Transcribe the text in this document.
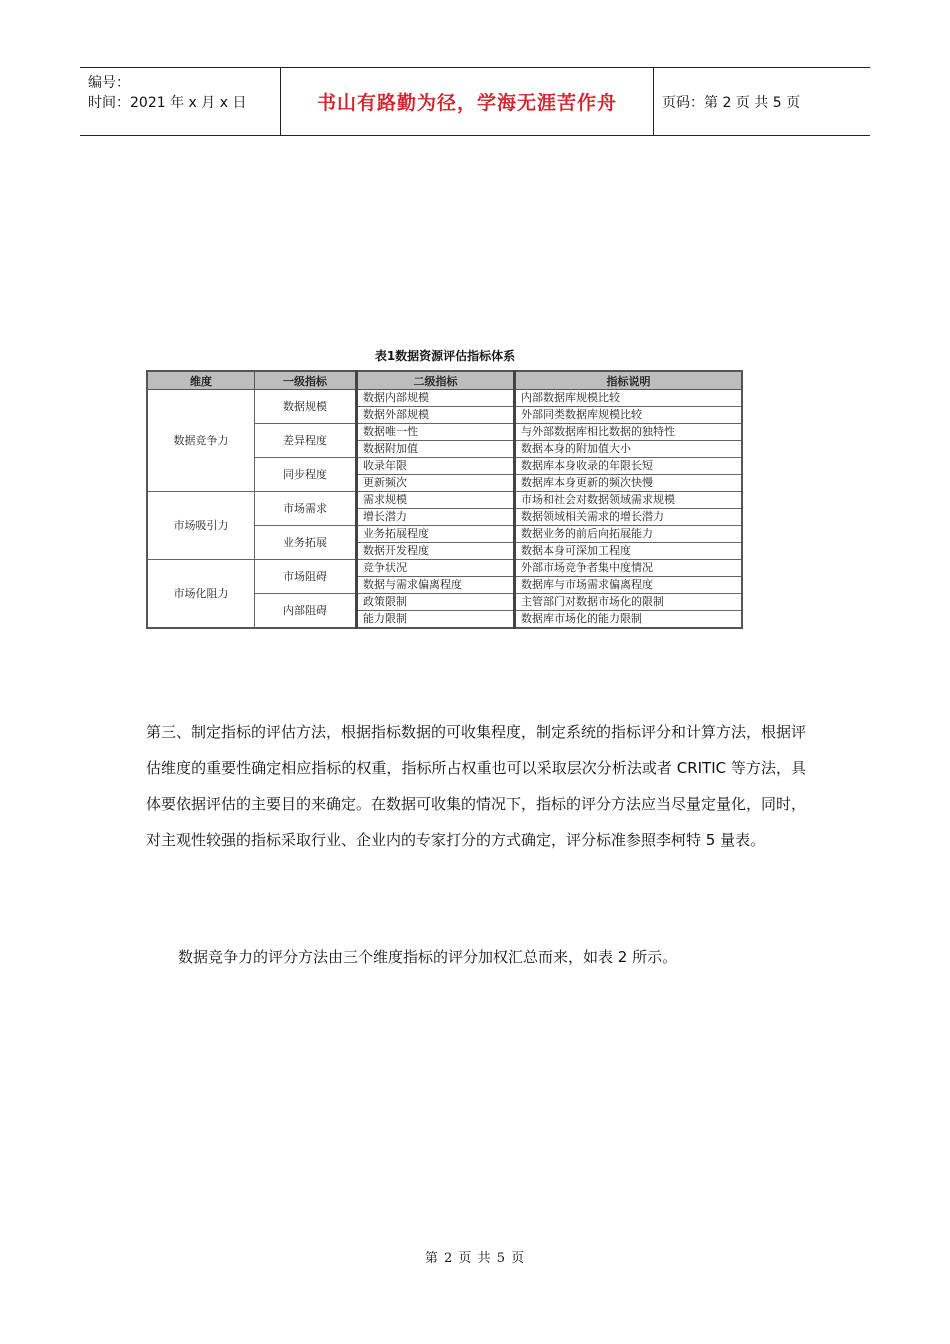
编号：
时间：2021 年 x 月 x 日	书山有路勤为径，学海无涯苦作舟	页码：第 2 页 共 5 页
表1数据资源评估指标体系
维度	一级指标	二级指标	指标说明
数据竞争力	数据规模	数据内部规模	内部数据库规模比较
		数据外部规模	外部同类数据库规模比较
	差异程度	数据唯一性	与外部数据库相比数据的独特性
		数据附加值	数据本身的附加值大小
	同步程度	收录年限	数据库本身收录的年限长短
		更新频次	数据库本身更新的频次快慢
市场吸引力	市场需求	需求规模	市场和社会对数据领域需求规模
		增长潜力	数据领域相关需求的增长潜力
	业务拓展	业务拓展程度	数据业务的前后向拓展能力
		数据开发程度	数据本身可深加工程度
市场化阻力	市场阻碍	竞争状况	外部市场竞争者集中度情况
		数据与需求偏离程度	数据库与市场需求偏离程度
	内部阻碍	政策限制	主管部门对数据市场化的限制
		能力限制	数据库市场化的能力限制
第三、制定指标的评估方法，根据指标数据的可收集程度，制定系统的指标评分和计算方法，根据评估维度的重要性确定相应指标的权重，指标所占权重也可以采取层次分析法或者 CRITIC 等方法，具体要依据评估的主要目的来确定。在数据可收集的情况下，指标的评分方法应当尽量定量化，同时，对主观性较强的指标采取行业、企业内的专家打分的方式确定，评分标准参照李柯特 5 量表。
数据竞争力的评分方法由三个维度指标的评分加权汇总而来，如表 2 所示。
第 2 页 共 5 页
